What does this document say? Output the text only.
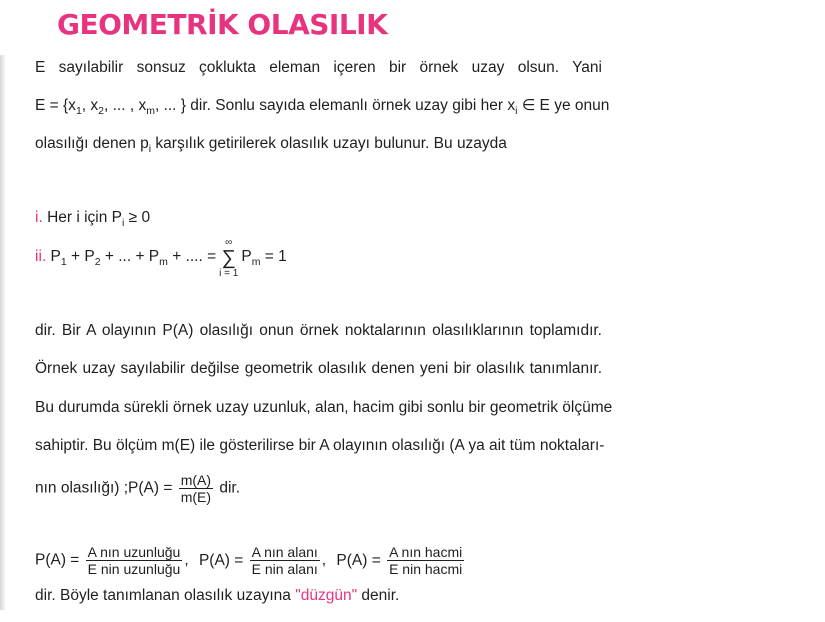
GEOMETRİK OLASILIK
E sayılabilir sonsuz çoklukta eleman içeren bir örnek uzay olsun. Yani
$E = \{x_1$, $x_2$, ... , $x_m$, ... } dir. Sonlu sayıda elemanlı örnek uzay gibi her $x_i$ ∈ E ye onun
olasılığı denen $p_i$ karşılık getirilerek olasılık uzayı bulunur. Bu uzayda
i. Her i için $P_i \ge 0$
ii. $P_1 + P_2$ + ... + $P_m$ + .... =
∞
∑
i = 1
$P_m = 1$
dir. Bir A olayının P(A) olasılığı onun örnek noktalarının olasılıklarının toplamıdır.
Örnek uzay sayılabilir değilse geometrik olasılık denen yeni bir olasılık tanımlanır.
Bu durumda sürekli örnek uzay uzunluk, alan, hacim gibi sonlu bir geometrik ölçüme
sahiptir. Bu ölçüm m(E) ile gösterilirse bir A olayının olasılığı (A ya ait tüm noktaları-
nın olasılığı) ;P(A) = $\frac{m(A)}{m(E)}$ dir.
$P(A) = \frac{\text{A nın uzunluğu}}{\text{E nin uzunluğu}}$ , $P(A) = \frac{\text{A nın alanı}}{\text{E nin alanı}}$ , $P(A) = \frac{\text{A nın hacmi}}{\text{E nin hacmi}}$
dir. Böyle tanımlanan olasılık uzayına "düzgün" denir.
